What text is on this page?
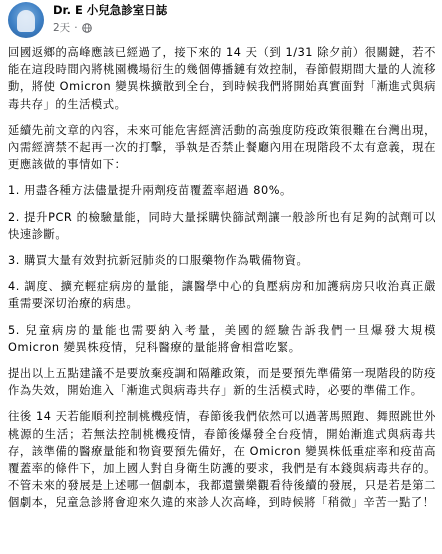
Dr. E 小兒急診室日誌
2天 ·

回國返鄉的高峰應該已經過了，接下來的 14 天（到 1/31 除夕前）很關鍵，若不能在這段時間內將桃園機場衍生的幾個傳播鏈有效控制，春節假期間大量的人流移動，將使 Omicron 變異株擴散到全台，到時候我們將開始真實面對「漸進式與病毒共存」的生活模式。

延續先前文章的內容，未來可能危害經濟活動的高強度防疫政策很難在台灣出現，內需經濟禁不起再一次的打擊，爭執是否禁止餐廳內用在現階段不太有意義，現在更應該做的事情如下：

1. 用盡各種方法儘量提升兩劑疫苗覆蓋率超過 80%。

2. 提升PCR 的檢驗量能，同時大量採購快篩試劑讓一般診所也有足夠的試劑可以快速診斷。

3. 購買大量有效對抗新冠肺炎的口服藥物作為戰備物資。

4. 調度、擴充輕症病房的量能，讓醫學中心的負壓病房和加護病房只收治真正嚴重需要深切治療的病患。

5. 兒童病房的量能也需要納入考量，美國的經驗告訴我們一旦爆發大規模 Omicron 變異株疫情，兒科醫療的量能將會相當吃緊。

提出以上五點建議不是要放棄疫調和隔離政策，而是要預先準備第一現階段的防疫作為失效，開始進入「漸進式與病毒共存」新的生活模式時，必要的準備工作。

往後 14 天若能順利控制桃機疫情，春節後我們依然可以過著馬照跑、舞照跳世外桃源的生活；若無法控制桃機疫情，春節後爆發全台疫情，開始漸進式與病毒共存，該準備的醫療量能和物資要預先備好，在 Omicron 變異株低重症率和疫苗高覆蓋率的條件下，加上國人對自身衛生防護的要求，我們是有本錢與病毒共存的。不管未來的發展是上述哪一個劇本，我都還蠻樂觀看待後續的發展，只是若是第二個劇本，兒童急診將會迎來久違的來診人次高峰，到時候將「稍微」辛苦一點了！
